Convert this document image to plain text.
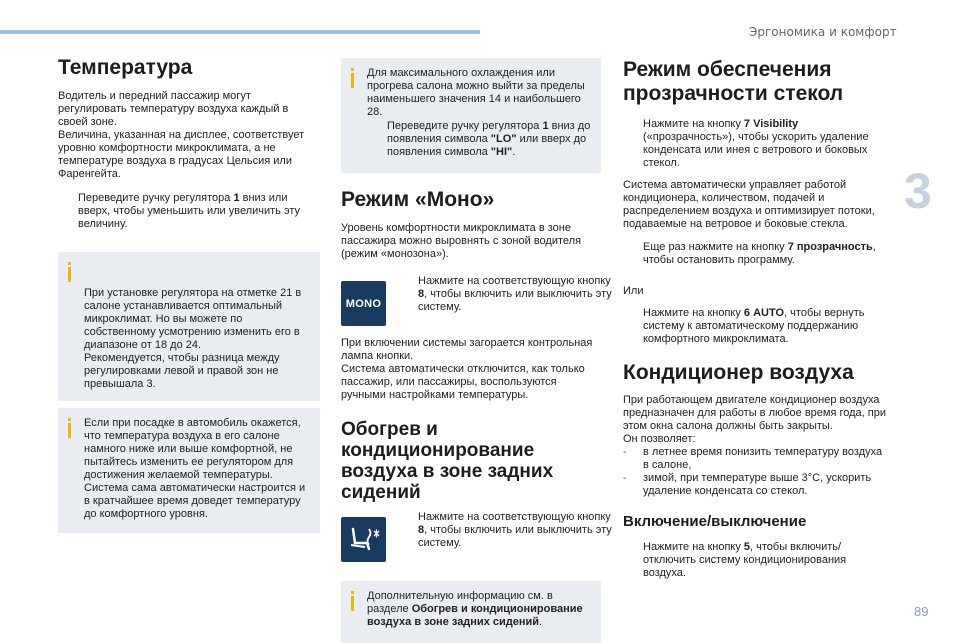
Эргономика и комфорт
3
89
Температура

Водитель и передний пассажир могут регулировать температуру воздуха каждый в своей зоне.
Величина, указанная на дисплее, соответствует уровню комфортности микроклимата, а не температуре воздуха в градусах Цельсия или Фаренгейта.

Переведите ручку регулятора 1 вниз или вверх, чтобы уменьшить или увеличить эту величину.

При установке регулятора на отметке 21 в салоне устанавливается оптимальный микроклимат. Но вы можете по собственному усмотрению изменить его в диапазоне от 18 до 24.
Рекомендуется, чтобы разница между регулировками левой и правой зон не превышала 3.

Если при посадке в автомобиль окажется, что температура воздуха в его салоне намного ниже или выше комфортной, не пытайтесь изменить ее регулятором для достижения желаемой температуры. Система сама автоматически настроится и в кратчайшее время доведет температуру до комфортного уровня.
Для максимального охлаждения или прогрева салона можно выйти за пределы наименьшего значения 14 и наибольшего 28.
Переведите ручку регулятора 1 вниз до появления символа "LO" или вверх до появления символа "HI".
Режим «Моно»

Уровень комфортности микроклимата в зоне пассажира можно выровнять с зоной водителя (режим «монозона»).

MONO
Нажмите на соответствующую кнопку 8, чтобы включить или выключить эту систему.

При включении системы загорается контрольная лампа кнопки.
Система автоматически отключится, как только пассажир, или пассажиры, воспользуются ручными настройками температуры.

Обогрев и кондиционирование воздуха в зоне задних сидений
Нажмите на соответствующую кнопку 8, чтобы включить или выключить эту систему.
Дополнительную информацию см. в разделе Обогрев и кондиционирование воздуха в зоне задних сидений.
Режим обеспечения прозрачности стекол
Нажмите на кнопку 7 Visibility («прозрачность»), чтобы ускорить удаление конденсата или инея с ветрового и боковых стекол.

Система автоматически управляет работой кондиционера, количеством, подачей и распределением воздуха и оптимизирует потоки, подаваемые на ветровое и боковые стекла.

Еще раз нажмите на кнопку 7 прозрачность, чтобы остановить программу.

Или

Нажмите на кнопку 6 AUTO, чтобы вернуть систему к автоматическому поддержанию комфортного микроклимата.
Кондиционер воздуха

При работающем двигателе кондиционер воздуха предназначен для работы в любое время года, при этом окна салона должны быть закрыты.
Он позволяет:

- в летнее время понизить температуру воздуха в салоне,
- зимой, при температуре выше 3°C, ускорить удаление конденсата со стекол.
Включение/выключение
Нажмите на кнопку 5, чтобы включить/отключить систему кондиционирования воздуха.
